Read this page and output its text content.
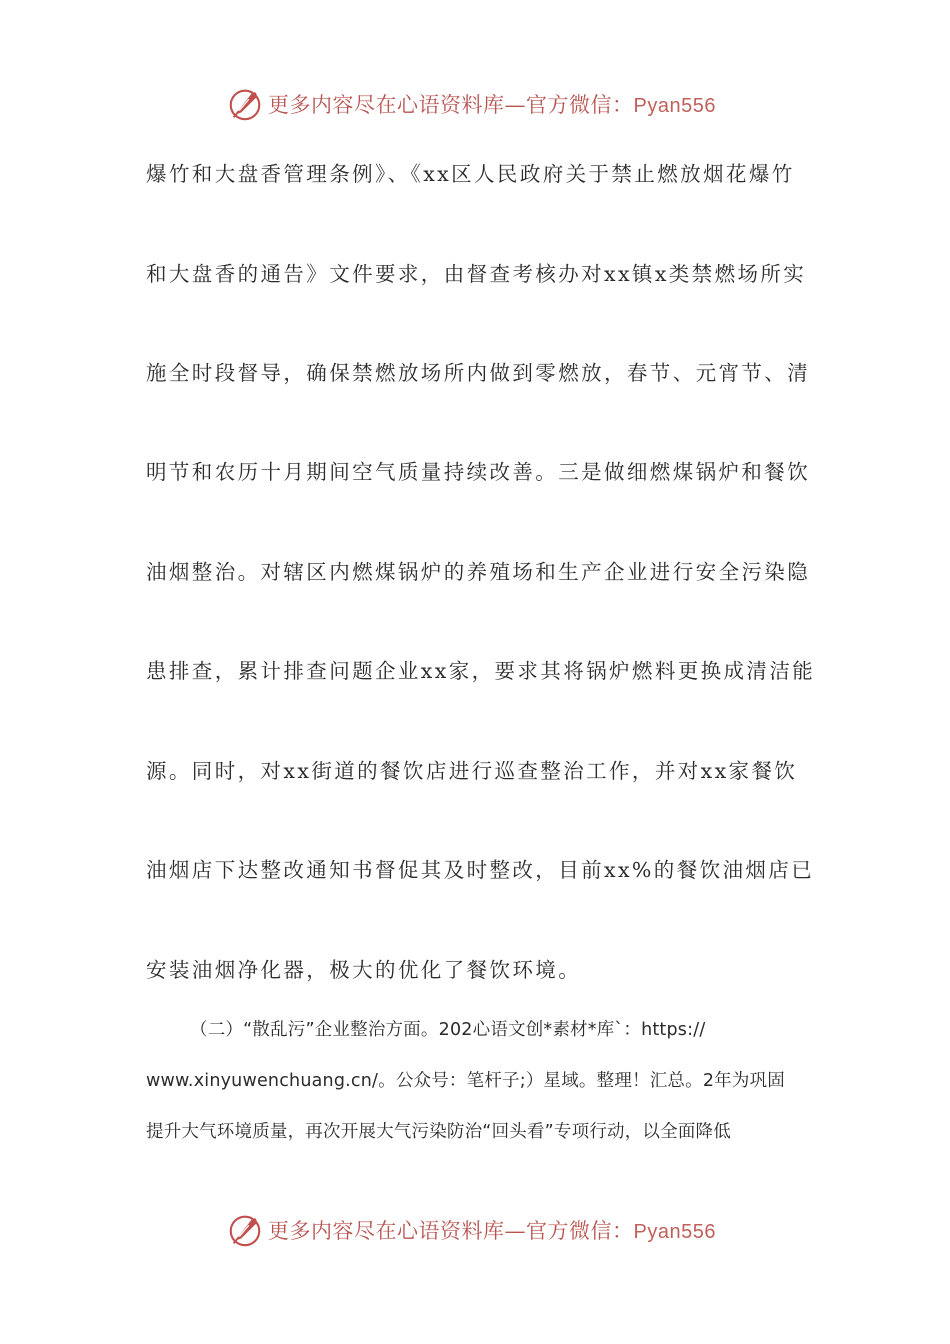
更多内容尽在心语资料库—官方微信：Pyan556
爆竹和大盘香管理条例》、《xx区人民政府关于禁止燃放烟花爆竹
和大盘香的通告》文件要求，由督查考核办对xx镇x类禁燃场所实
施全时段督导，确保禁燃放场所内做到零燃放，春节、元宵节、清
明节和农历十月期间空气质量持续改善。三是做细燃煤锅炉和餐饮
油烟整治。对辖区内燃煤锅炉的养殖场和生产企业进行安全污染隐
患排查，累计排查问题企业xx家，要求其将锅炉燃料更换成清洁能
源。同时，对xx街道的餐饮店进行巡查整治工作，并对xx家餐饮
油烟店下达整改通知书督促其及时整改，目前xx%的餐饮油烟店已
安装油烟净化器，极大的优化了餐饮环境。
（二）“散乱污”企业整治方面。202心语文创*素材*库`：https://
www.xinyuwenchuang.cn/。公众号：笔杆子;）星域。整理！汇总。2年为巩固
提升大气环境质量，再次开展大气污染防治“回头看”专项行动，以全面降低
更多内容尽在心语资料库—官方微信：Pyan556
